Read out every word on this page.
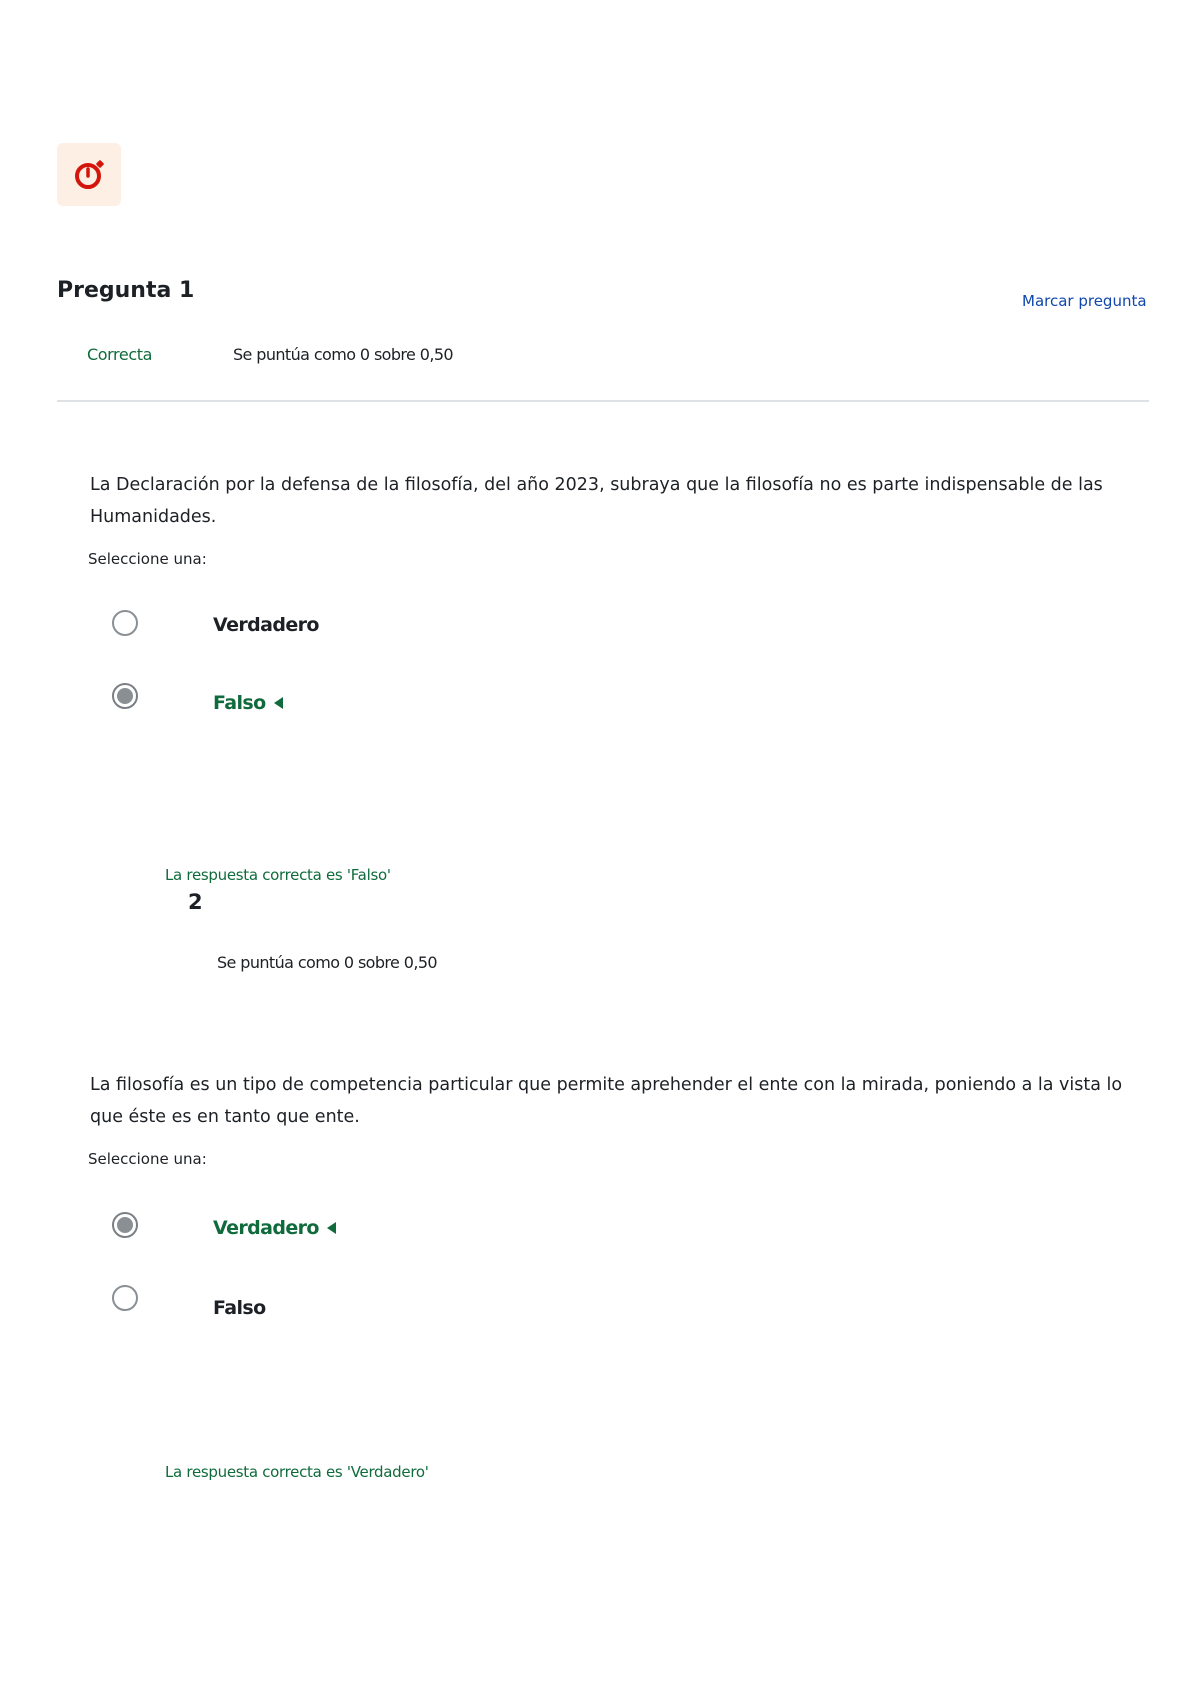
Pregunta 1	Marcar pregunta
Correcta	Se puntúa como 0 sobre 0,50
La Declaración por la defensa de la filosofía, del año 2023, subraya que la filosofía no es parte indispensable de las Humanidades.
Seleccione una:
Verdadero
Falso
La respuesta correcta es 'Falso'
2
Se puntúa como 0 sobre 0,50
La filosofía es un tipo de competencia particular que permite aprehender el ente con la mirada, poniendo a la vista lo que éste es en tanto que ente.
Seleccione una:
Verdadero
Falso
La respuesta correcta es 'Verdadero'
